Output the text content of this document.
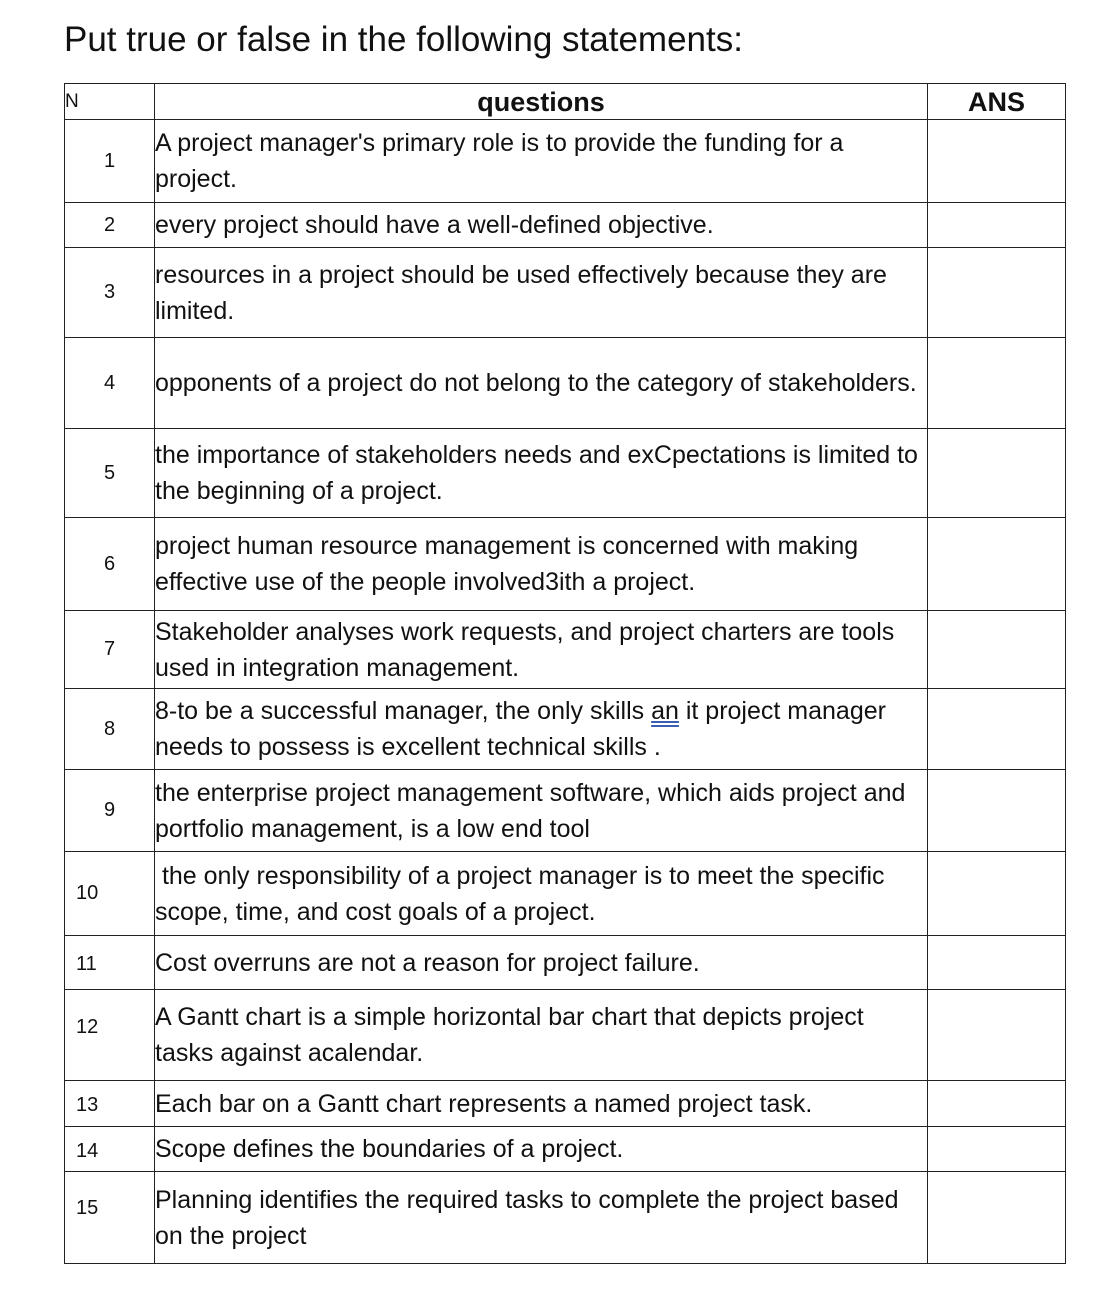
Put true or false in the following statements:
N	questions	ANS
1	A project manager's primary role is to provide the funding for a project.	
2	every project should have a well-defined objective.	
3	resources in a project should be used effectively because they are limited.	
4	opponents of a project do not belong to the category of stakeholders.	
5	the importance of stakeholders needs and exCpectations is limited to the beginning of a project.	
6	project human resource management is concerned with making effective use of the people involved3ith a project.	
7	Stakeholder analyses work requests, and project charters are tools used in integration management.	
8	8-to be a successful manager, the only skills an it project manager needs to possess is excellent technical skills .	
9	the enterprise project management software, which aids project and portfolio management, is a low end tool	
10	the only responsibility of a project manager is to meet the specific scope, time, and cost goals of a project.	
11	Cost overruns are not a reason for project failure.	
12	A Gantt chart is a simple horizontal bar chart that depicts project tasks against acalendar.	
13	Each bar on a Gantt chart represents a named project task.	
14	Scope defines the boundaries of a project.	
15	Planning identifies the required tasks to complete the project based on the project	
